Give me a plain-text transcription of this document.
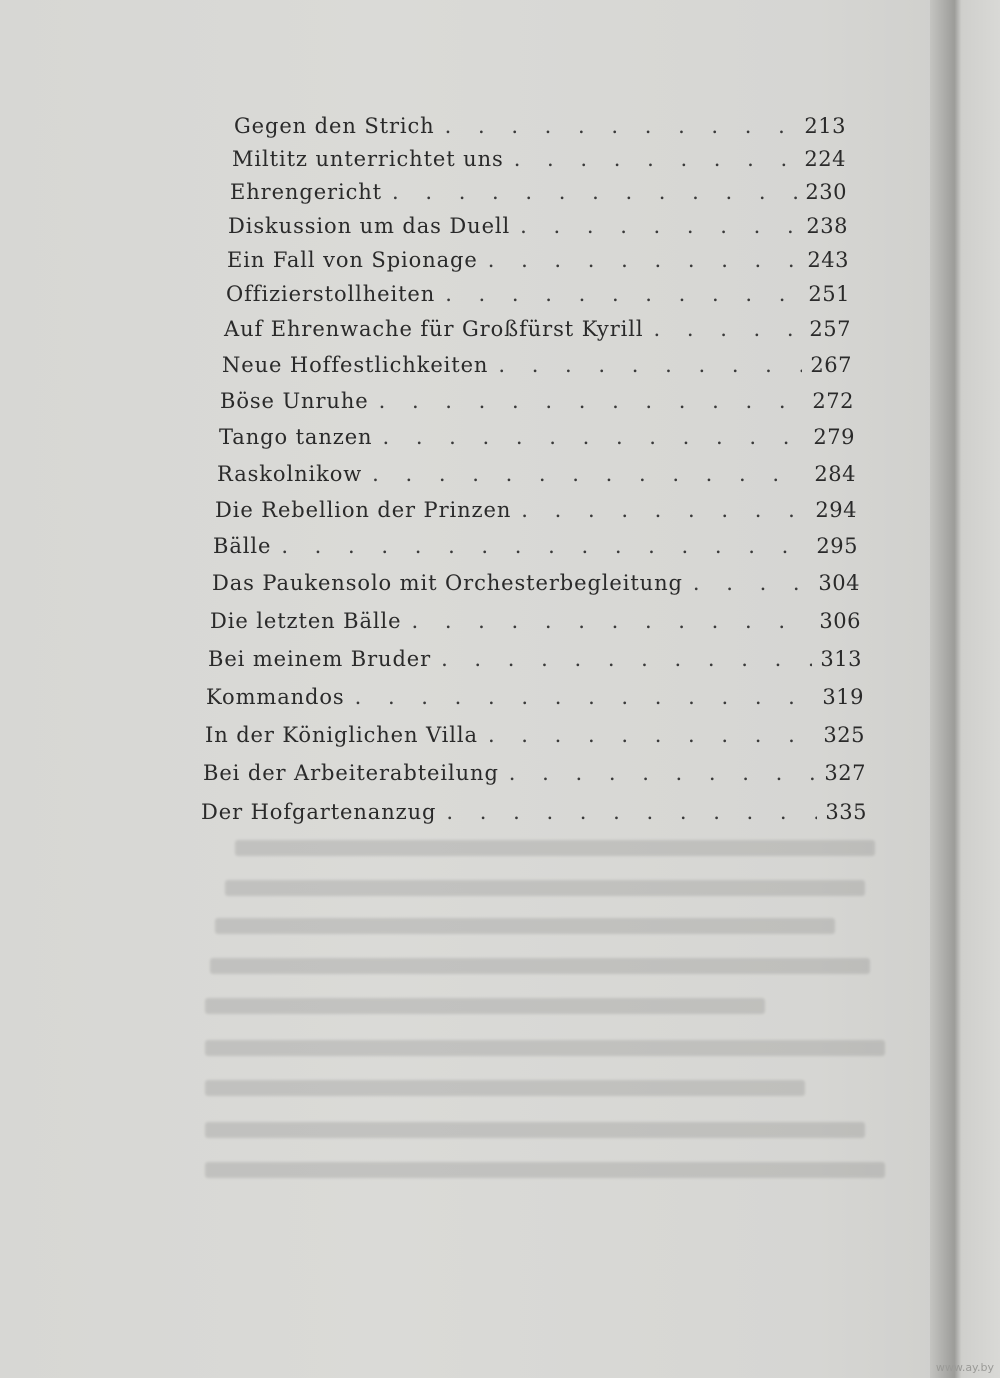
Gegen den Strich . . .	213
Miltitz unterrichtet uns . . .	224
Ehrengericht . . .	230
Diskussion um das Duell . . .	238
Ein Fall von Spionage . . .	243
Offizierstollheiten . . .	251
Auf Ehrenwache für Großfürst Kyrill . . .	257
Neue Hoffestlichkeiten . . .	267
Böse Unruhe . . .	272
Tango tanzen . . .	279
Raskolnikow . . .	284
Die Rebellion der Prinzen . . .	294
Bälle . . .	295
Das Paukensolo mit Orchesterbegleitung . . .	304
Die letzten Bälle . . .	306
Bei meinem Bruder . . .	313
Kommandos . . .	319
In der Königlichen Villa . . .	325
Bei der Arbeiterabteilung . . .	327
Der Hofgartenanzug . . .	335
www.ay.by
